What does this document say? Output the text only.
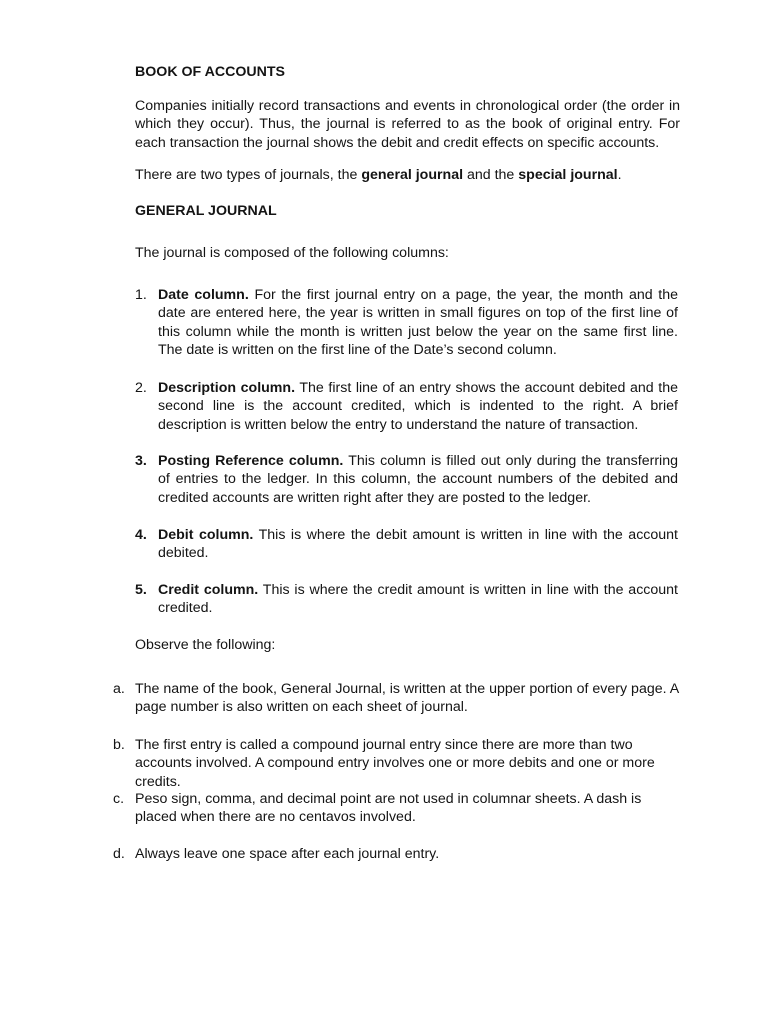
BOOK OF ACCOUNTS

Companies initially record transactions and events in chronological order (the order in which they occur). Thus, the journal is referred to as the book of original entry. For each transaction the journal shows the debit and credit effects on specific accounts.

There are two types of journals, the general journal and the special journal.

GENERAL JOURNAL

The journal is composed of the following columns:

1. Date column. For the first journal entry on a page, the year, the month and the date are entered here, the year is written in small figures on top of the first line of this column while the month is written just below the year on the same first line. The date is written on the first line of the Date’s second column.

2. Description column. The first line of an entry shows the account debited and the second line is the account credited, which is indented to the right. A brief description is written below the entry to understand the nature of transaction.

3. Posting Reference column. This column is filled out only during the transferring of entries to the ledger. In this column, the account numbers of the debited and credited accounts are written right after they are posted to the ledger.

4. Debit column. This is where the debit amount is written in line with the account debited.

5. Credit column. This is where the credit amount is written in line with the account credited.

Observe the following:

a. The name of the book, General Journal, is written at the upper portion of every page. A page number is also written on each sheet of journal.

b. The first entry is called a compound journal entry since there are more than two accounts involved. A compound entry involves one or more debits and one or more credits.

c. Peso sign, comma, and decimal point are not used in columnar sheets. A dash is placed when there are no centavos involved.

d. Always leave one space after each journal entry.
